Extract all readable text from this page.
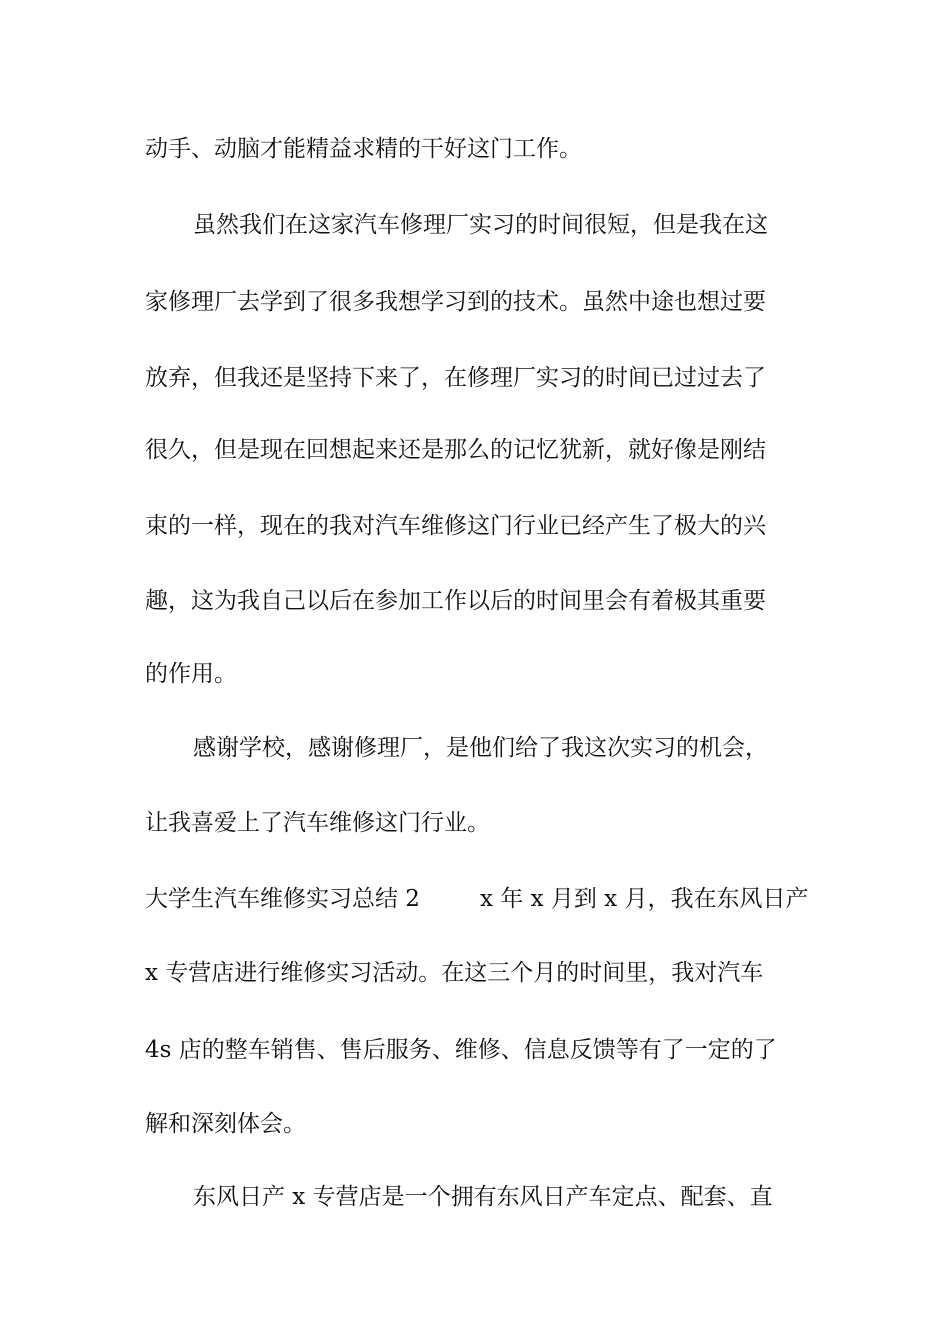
动手、动脑才能精益求精的干好这门工作。
虽然我们在这家汽车修理厂实习的时间很短，但是我在这
家修理厂去学到了很多我想学习到的技术。虽然中途也想过要
放弃，但我还是坚持下来了，在修理厂实习的时间已过过去了
很久，但是现在回想起来还是那么的记忆犹新，就好像是刚结
束的一样，现在的我对汽车维修这门行业已经产生了极大的兴
趣，这为我自己以后在参加工作以后的时间里会有着极其重要
的作用。
感谢学校，感谢修理厂，是他们给了我这次实习的机会，
让我喜爱上了汽车维修这门行业。
大学生汽车维修实习总结 2	x 年 x 月到 x 月，我在东风日产
x 专营店进行维修实习活动。在这三个月的时间里，我对汽车
4s 店的整车销售、售后服务、维修、信息反馈等有了一定的了
解和深刻体会。
东风日产 x 专营店是一个拥有东风日产车定点、配套、直
